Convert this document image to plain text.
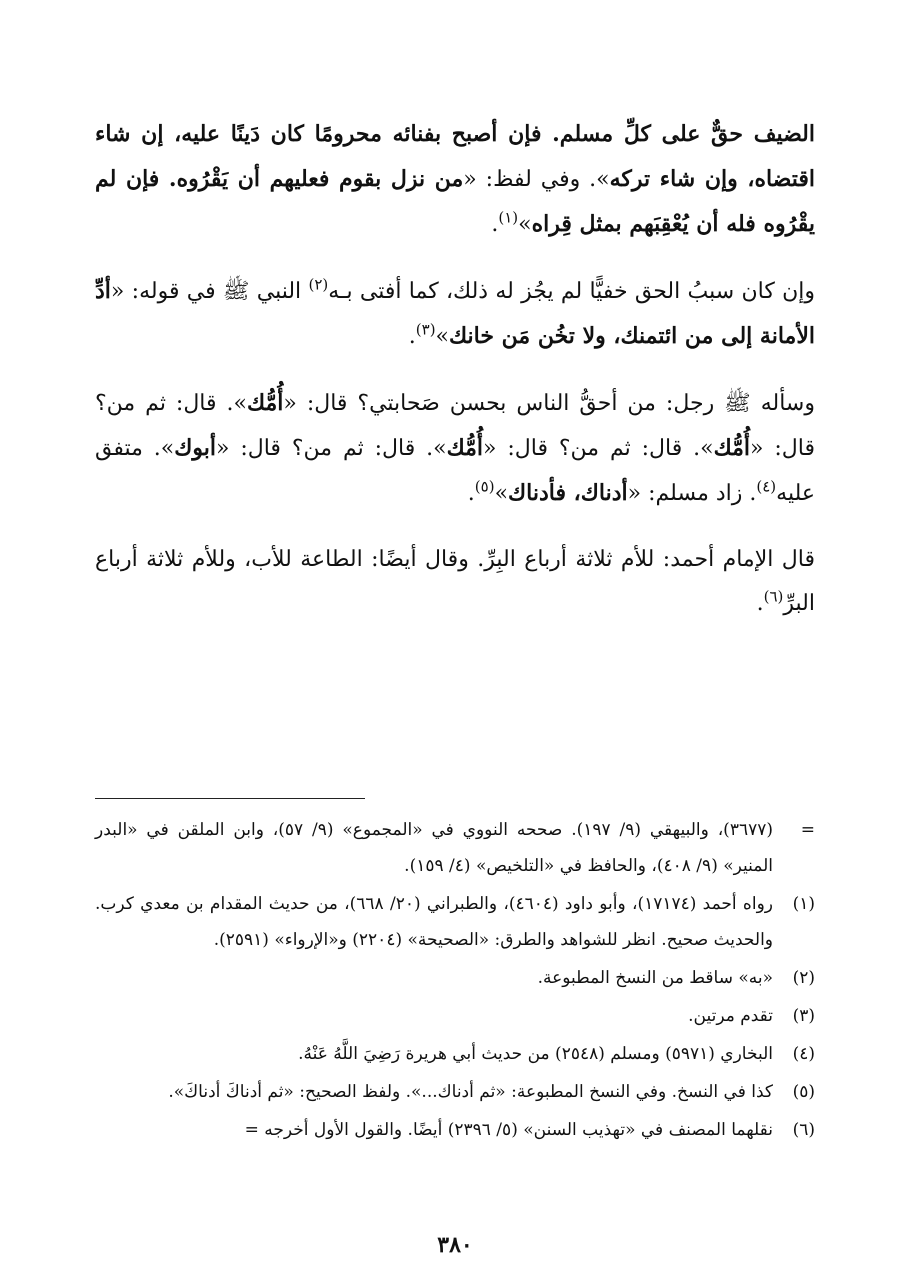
الضيف حقٌّ على كلِّ مسلم. فإن أصبح بفنائه محرومًا كان دَينًا عليه، إن شاء اقتضاه، وإن شاء تركه». وفي لفظ: «من نزل بقوم فعليهم أن يَقْرُوه. فإن لم يقْرُوه فله أن يُعْقِبَهم بمثل قِراه»$^{(١)}$.

وإن كان سببُ الحق خفيًّا لم يجُز له ذلك، كما أفتى بـه$^{(٢)}$ النبي ﷺ في قوله: «أدِّ الأمانة إلى من ائتمنك، ولا تخُن مَن خانك»$^{(٣)}$.

وسأله ﷺ رجل: من أحقُّ الناس بحسن صَحابتي؟ قال: «أُمُّك». قال: ثم من؟ قال: «أُمُّك». قال: ثم من؟ قال: «أُمُّك». قال: ثم من؟ قال: «أبوك». متفق عليه$^{(٤)}$. زاد مسلم: «أدناك، فأدناك»$^{(٥)}$.

قال الإمام أحمد: للأم ثلاثة أرباع البِرِّ. وقال أيضًا: الطاعة للأب، وللأم ثلاثة أرباع البرِّ$^{(٦)}$.

=
(٣٦٧٧)، والبيهقي (٩/ ١٩٧). صححه النووي في «المجموع» (٩/ ٥٧)، وابن الملقن في «البدر المنير» (٩/ ٤٠٨)، والحافظ في «التلخيص» (٤/ ١٥٩).
(١)
رواه أحمد (١٧١٧٤)، وأبو داود (٤٦٠٤)، والطبراني (٢٠/ ٦٦٨)، من حديث المقدام بن معدي كرب. والحديث صحيح. انظر للشواهد والطرق: «الصحيحة» (٢٢٠٤) و«الإرواء» (٢٥٩١).
(٢)
«به» ساقط من النسخ المطبوعة.
(٣)
تقدم مرتين.
(٤)
البخاري (٥٩٧١) ومسلم (٢٥٤٨) من حديث أبي هريرة رَضِيَ اللَّهُ عَنْهُ.
(٥)
كذا في النسخ. وفي النسخ المطبوعة: «ثم أدناك...». ولفظ الصحيح: «ثم أدناكَ أدناكَ».
(٦)
نقلهما المصنف في «تهذيب السنن» (٥/ ٢٣٩٦) أيضًا. والقول الأول أخرجه =
٣٨٠
